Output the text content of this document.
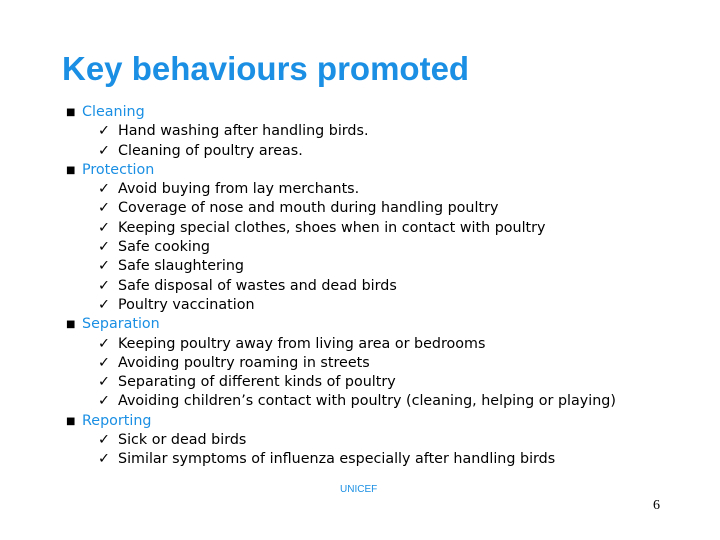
Key behaviours promoted
■ Cleaning
✓ Hand washing after handling birds.
✓ Cleaning of poultry areas.
■ Protection
✓ Avoid buying from lay merchants.
✓ Coverage of nose and mouth during handling poultry
✓ Keeping special clothes, shoes when in contact with poultry
✓ Safe cooking
✓ Safe slaughtering
✓ Safe disposal of wastes and dead birds
✓ Poultry vaccination
■ Separation
✓ Keeping poultry away from living area or bedrooms
✓ Avoiding poultry roaming in streets
✓ Separating of different kinds of poultry
✓ Avoiding children’s contact with poultry (cleaning, helping or playing)
■ Reporting
✓ Sick or dead birds
✓ Similar symptoms of influenza especially after handling birds
UNICEF
6
